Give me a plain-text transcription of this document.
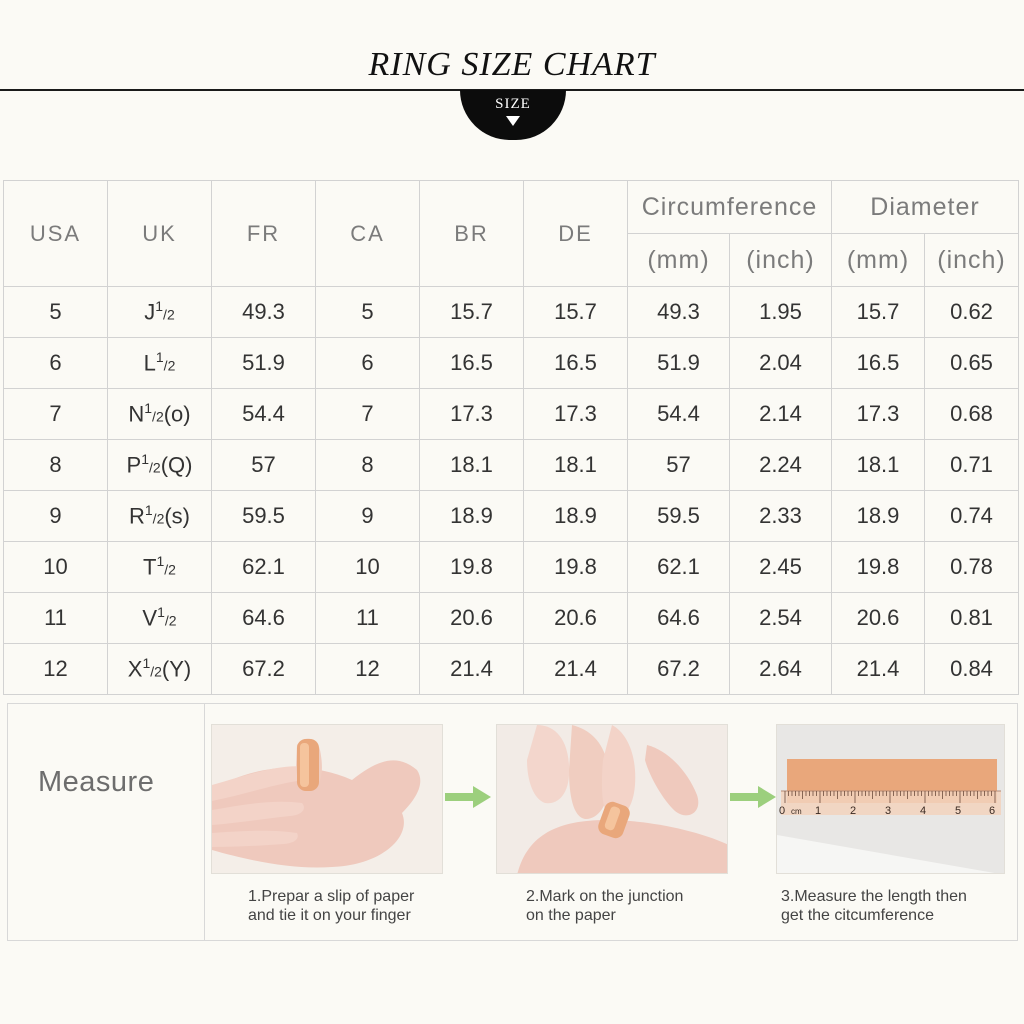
RING SIZE CHART
SIZE
USA	UK	FR	CA	BR	DE	Circumference		Diameter	
						(mm)	(inch)	(mm)	(inch)
5	$J^1/2$	49.3	5	15.7	15.7	49.3	1.95	15.7	0.62
6	$L^1/2$	51.9	6	16.5	16.5	51.9	2.04	16.5	0.65
7	$N^1/2(o)$	54.4	7	17.3	17.3	54.4	2.14	17.3	0.68
8	$P^1/2(Q)$	57	8	18.1	18.1	57	2.24	18.1	0.71
9	$R^1/2(s)$	59.5	9	18.9	18.9	59.5	2.33	18.9	0.74
10	$T^1/2$	62.1	10	19.8	19.8	62.1	2.45	19.8	0.78
11	$V^1/2$	64.6	11	20.6	20.6	64.6	2.54	20.6	0.81
12	$X^1/2(Y)$	67.2	12	21.4	21.4	67.2	2.64	21.4	0.84
Measure
0 cm 1	2	3	4	5	6
1.Prepar a slip of paper
and tie it on your finger
2.Mark on the junction
on the paper
3.Measure the length then
get the citcumference
